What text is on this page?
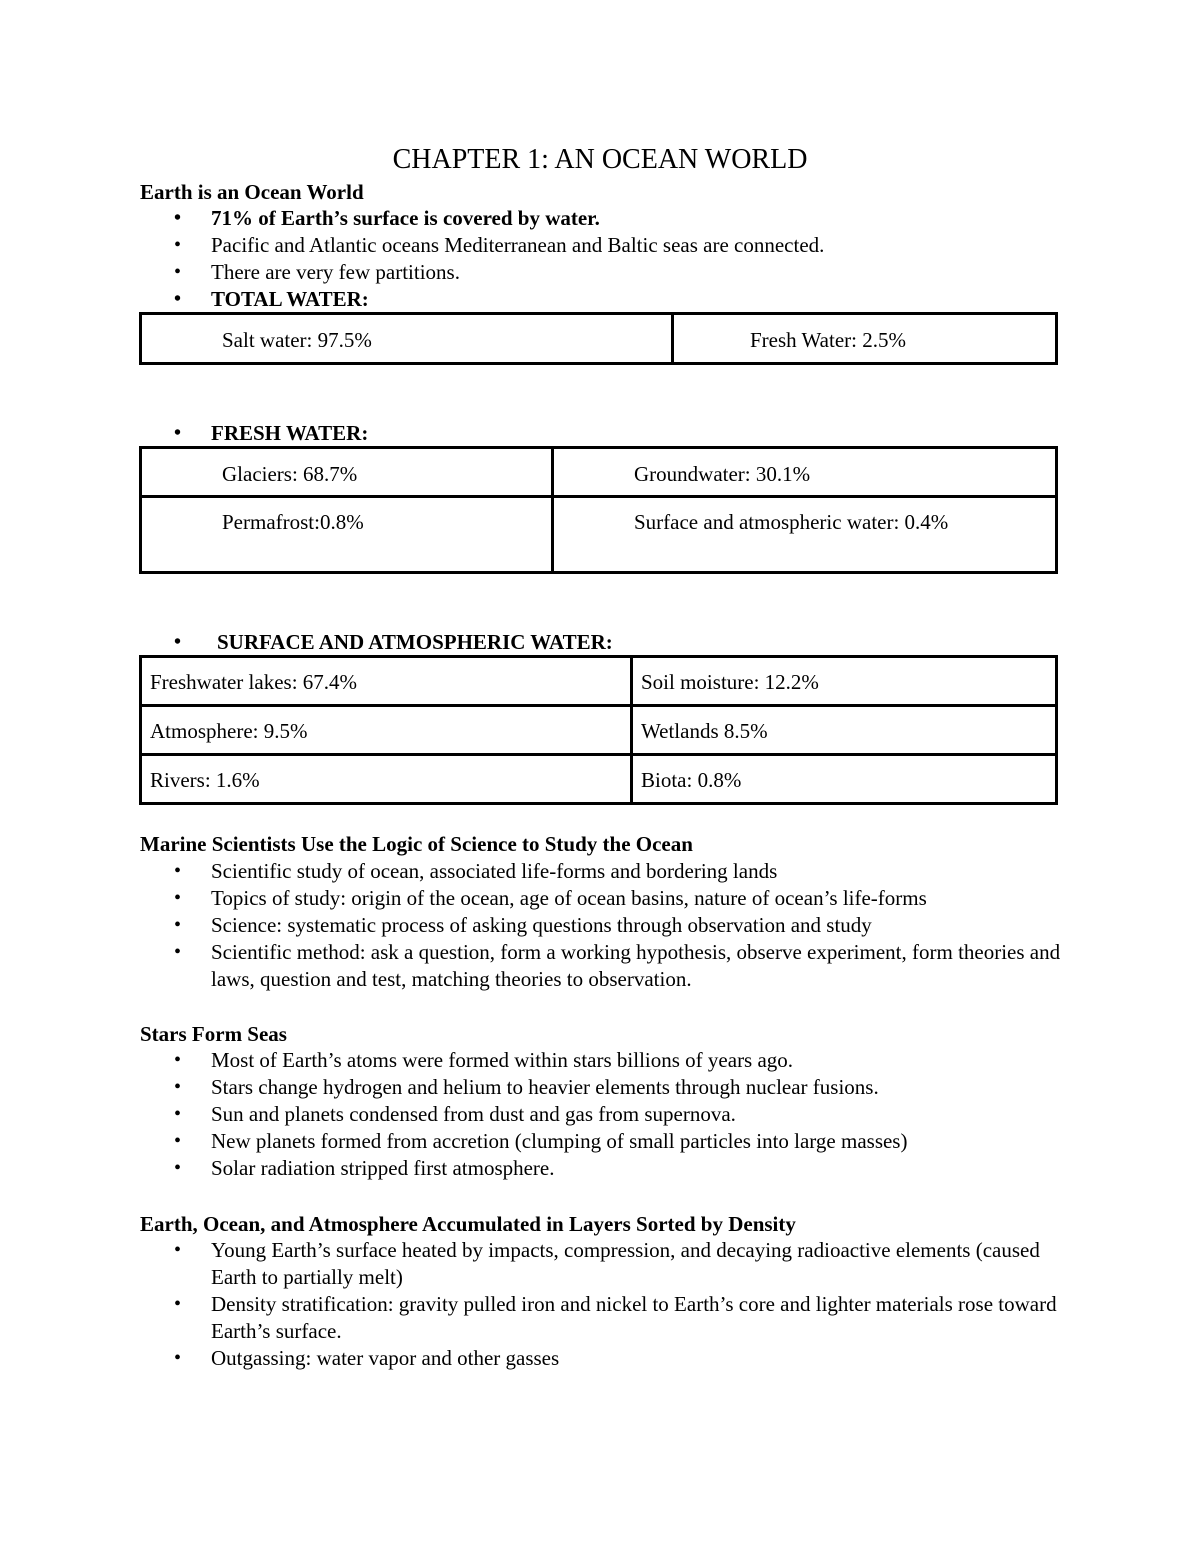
CHAPTER 1: AN OCEAN WORLD
Earth is an Ocean World
• 71% of Earth’s surface is covered by water.
• Pacific and Atlantic oceans Mediterranean and Baltic seas are connected.
• There are very few partitions.
• TOTAL WATER:
Salt water: 97.5%	Fresh Water: 2.5%
• FRESH WATER:
Glaciers: 68.7%	Groundwater: 30.1%
Permafrost:0.8%	Surface and atmospheric water: 0.4%
• SURFACE AND ATMOSPHERIC WATER:
Freshwater lakes: 67.4%	Soil moisture: 12.2%
Atmosphere: 9.5%	Wetlands 8.5%
Rivers: 1.6%	Biota: 0.8%
Marine Scientists Use the Logic of Science to Study the Ocean
• Scientific study of ocean, associated life-forms and bordering lands
• Topics of study: origin of the ocean, age of ocean basins, nature of ocean’s life-forms
• Science: systematic process of asking questions through observation and study
• Scientific method: ask a question, form a working hypothesis, observe experiment, form theories and laws, question and test, matching theories to observation.
Stars Form Seas
• Most of Earth’s atoms were formed within stars billions of years ago.
• Stars change hydrogen and helium to heavier elements through nuclear fusions.
• Sun and planets condensed from dust and gas from supernova.
• New planets formed from accretion (clumping of small particles into large masses)
• Solar radiation stripped first atmosphere.
Earth, Ocean, and Atmosphere Accumulated in Layers Sorted by Density
• Young Earth’s surface heated by impacts, compression, and decaying radioactive elements (caused Earth to partially melt)
• Density stratification: gravity pulled iron and nickel to Earth’s core and lighter materials rose toward Earth’s surface.
• Outgassing: water vapor and other gasses
